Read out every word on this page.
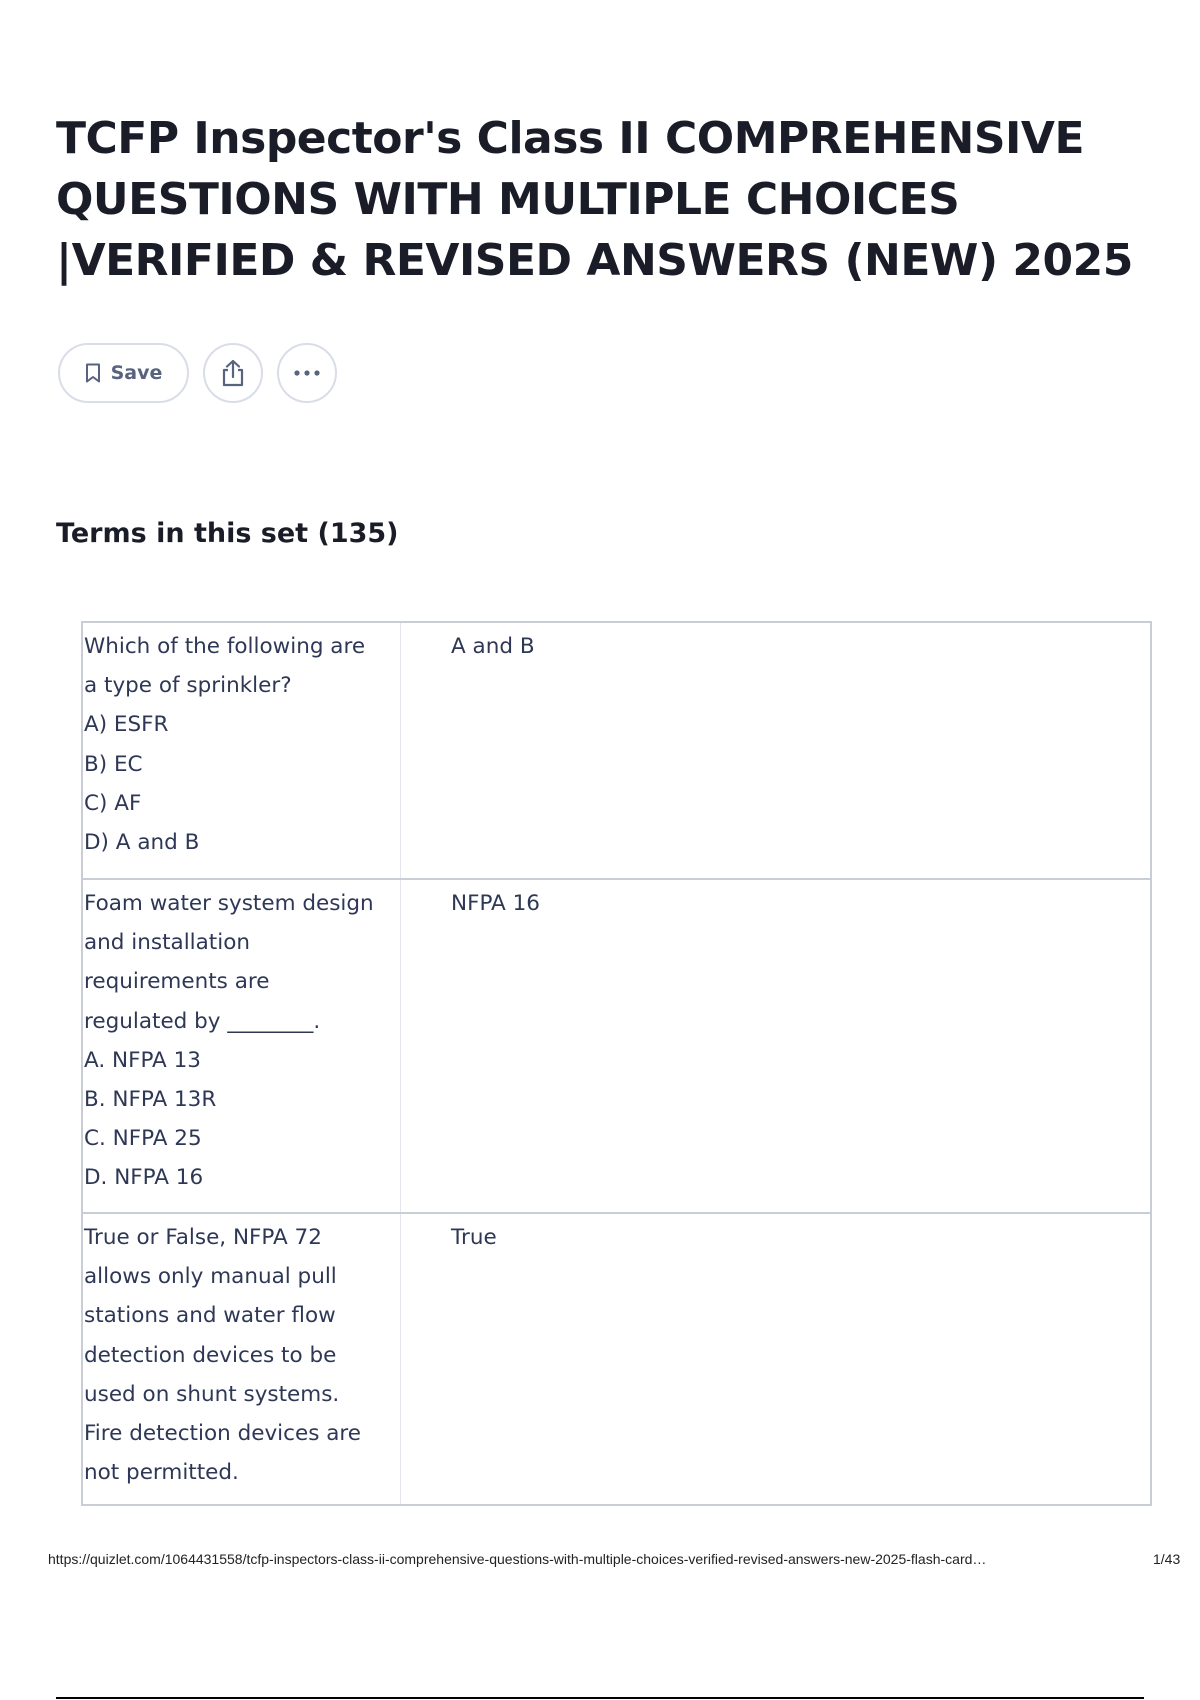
TCFP Inspector's Class II COMPREHENSIVE QUESTIONS WITH MULTIPLE CHOICES |VERIFIED & REVISED ANSWERS (NEW) 2025
Save
Terms in this set (135)
Which of the following are
a type of sprinkler?
A) ESFR
B) EC
C) AF
D) A and B
A and B
Foam water system design
and installation
requirements are
regulated by ________.
A. NFPA 13
B. NFPA 13R
C. NFPA 25
D. NFPA 16
NFPA 16
True or False, NFPA 72
allows only manual pull
stations and water flow
detection devices to be
used on shunt systems.
Fire detection devices are
not permitted.
True
https://quizlet.com/1064431558/tcfp-inspectors-class-ii-comprehensive-questions-with-multiple-choices-verified-revised-answers-new-2025-flash-card…	1/43
